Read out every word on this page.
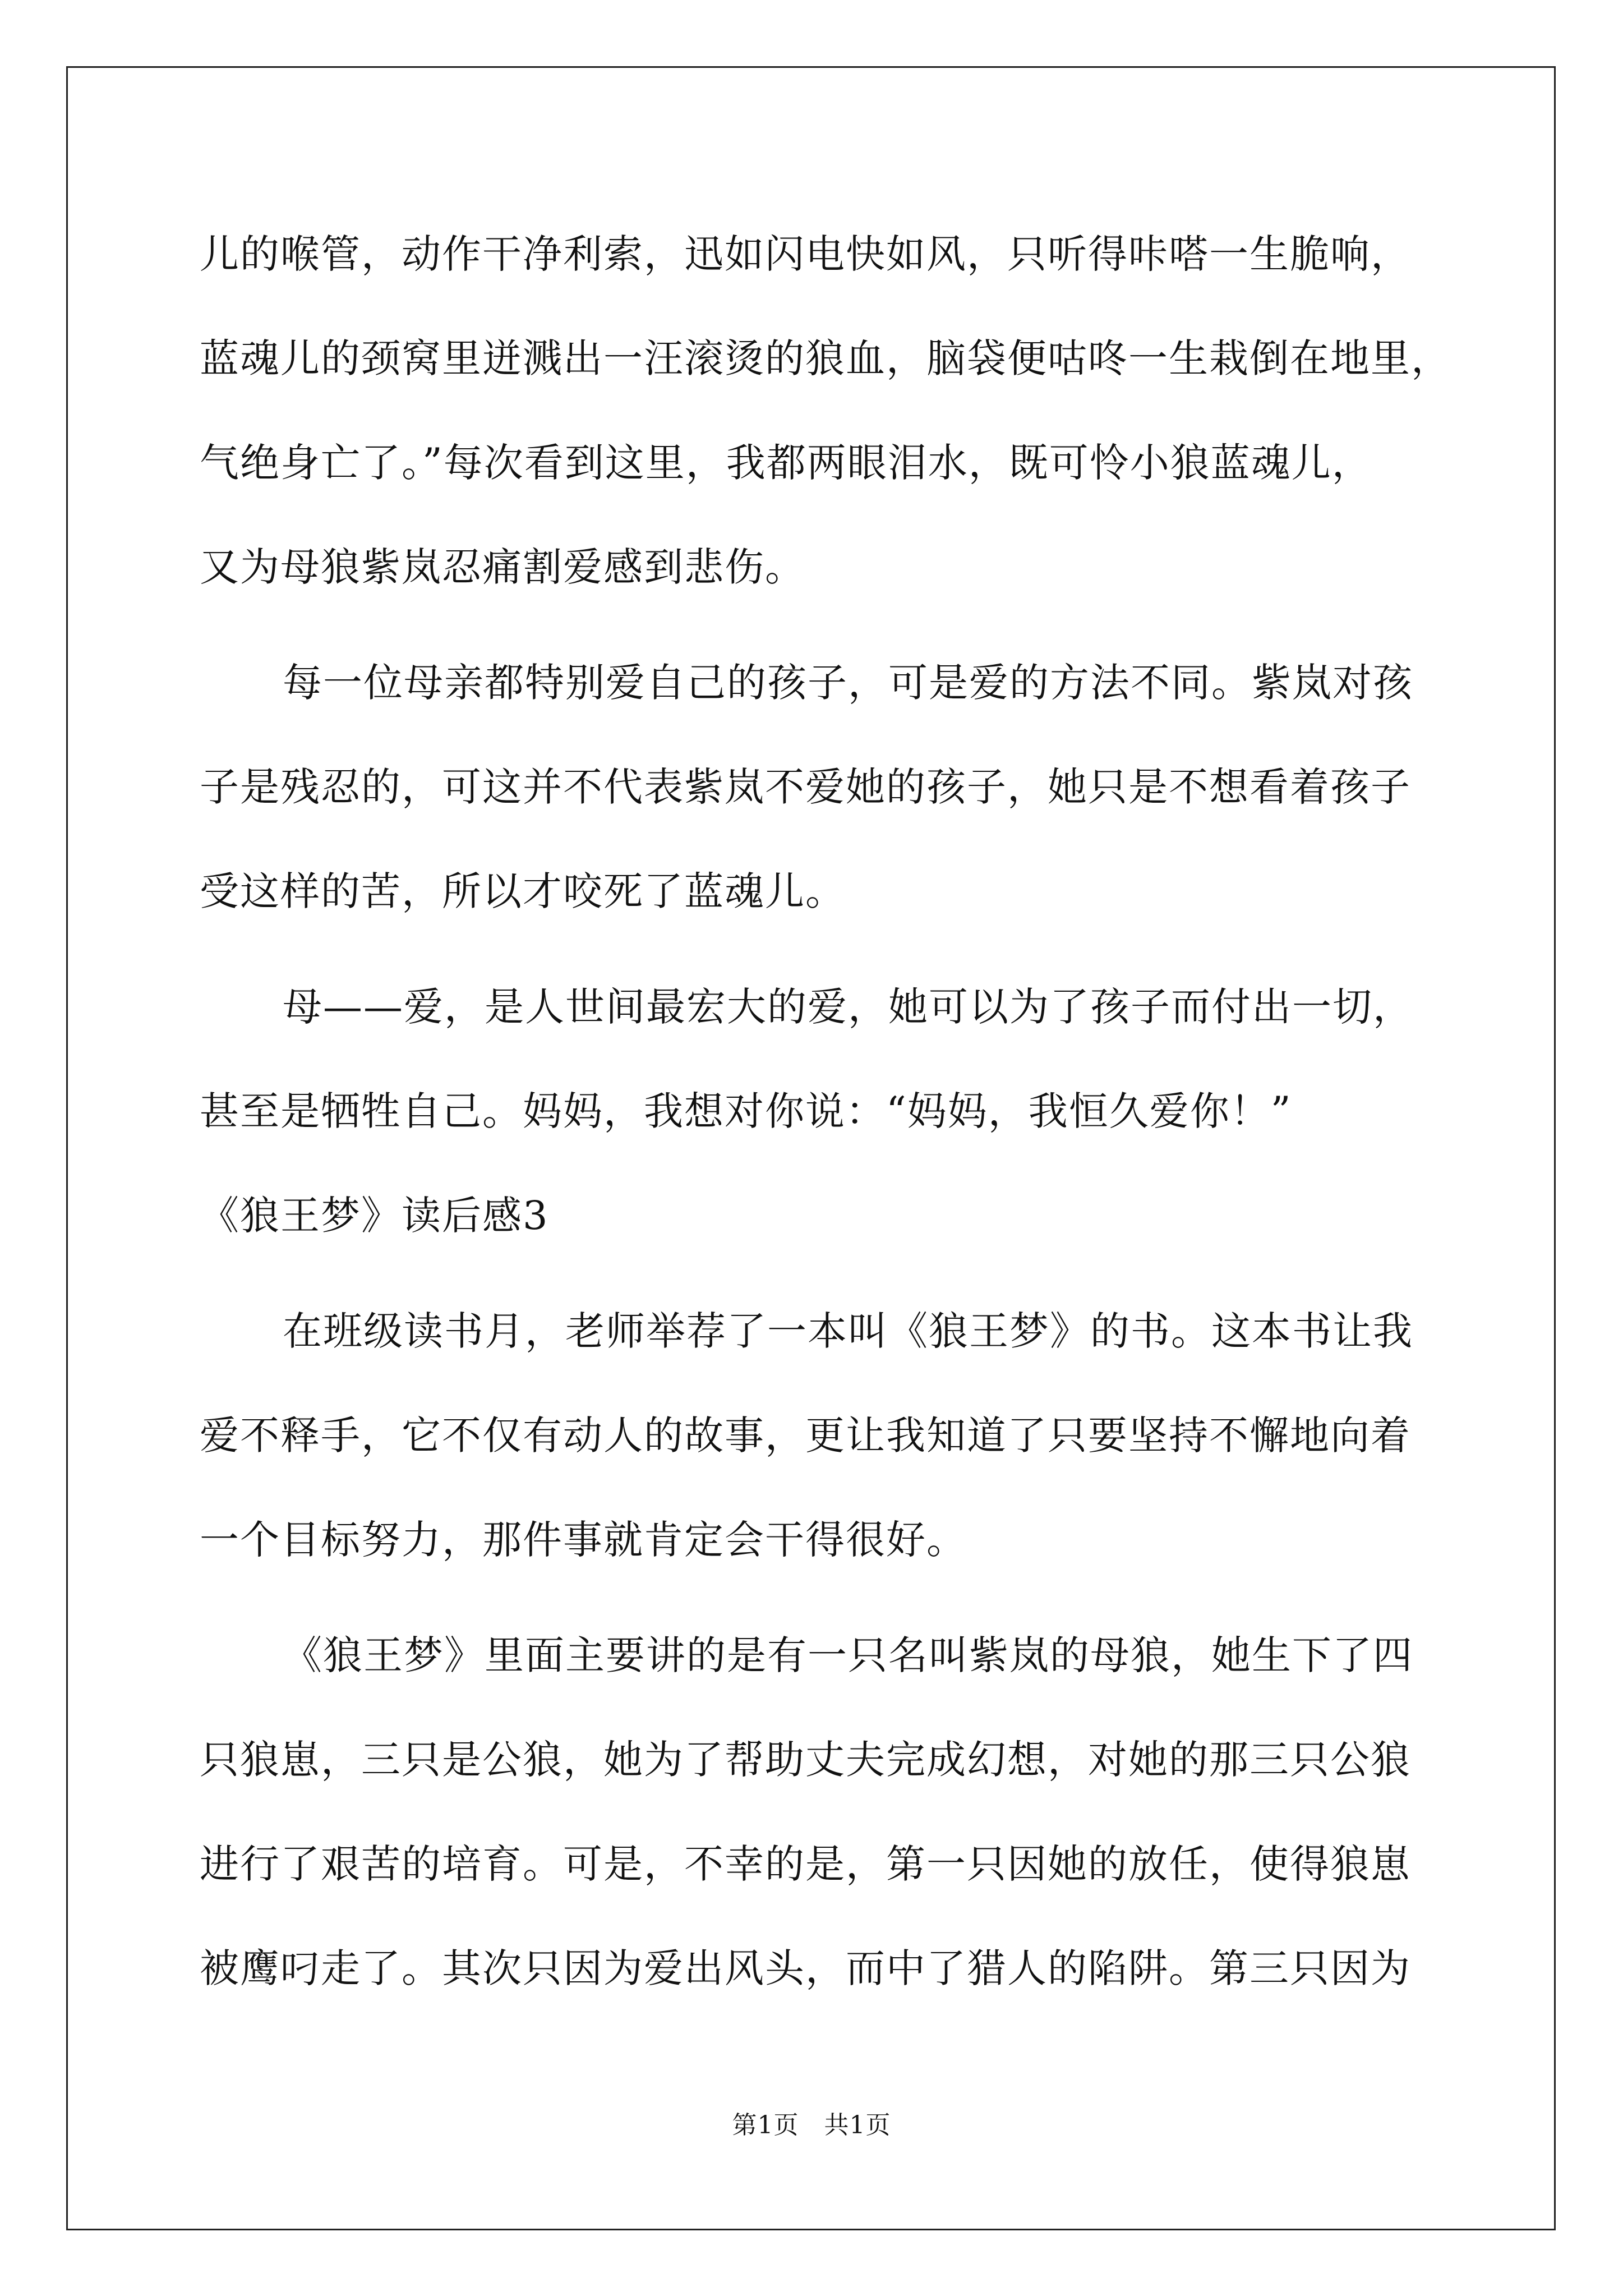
儿的喉管，动作干净利索，迅如闪电快如风，只听得咔嗒一生脆响，
蓝魂儿的颈窝里迸溅出一汪滚烫的狼血，脑袋便咕咚一生栽倒在地里，
气绝身亡了。”每次看到这里，我都两眼泪水，既可怜小狼蓝魂儿，
又为母狼紫岚忍痛割爱感到悲伤。
每一位母亲都特别爱自己的孩子，可是爱的方法不同。紫岚对孩
子是残忍的，可这并不代表紫岚不爱她的孩子，她只是不想看着孩子
受这样的苦，所以才咬死了蓝魂儿。
母——爱，是人世间最宏大的爱，她可以为了孩子而付出一切，
甚至是牺牲自己。妈妈，我想对你说：“妈妈，我恒久爱你！”
《狼王梦》读后感3
在班级读书月，老师举荐了一本叫《狼王梦》的书。这本书让我
爱不释手，它不仅有动人的故事，更让我知道了只要坚持不懈地向着
一个目标努力，那件事就肯定会干得很好。
《狼王梦》里面主要讲的是有一只名叫紫岚的母狼，她生下了四
只狼崽，三只是公狼，她为了帮助丈夫完成幻想，对她的那三只公狼
进行了艰苦的培育。可是，不幸的是，第一只因她的放任，使得狼崽
被鹰叼走了。其次只因为爱出风头，而中了猎人的陷阱。第三只因为
第1页　共1页
